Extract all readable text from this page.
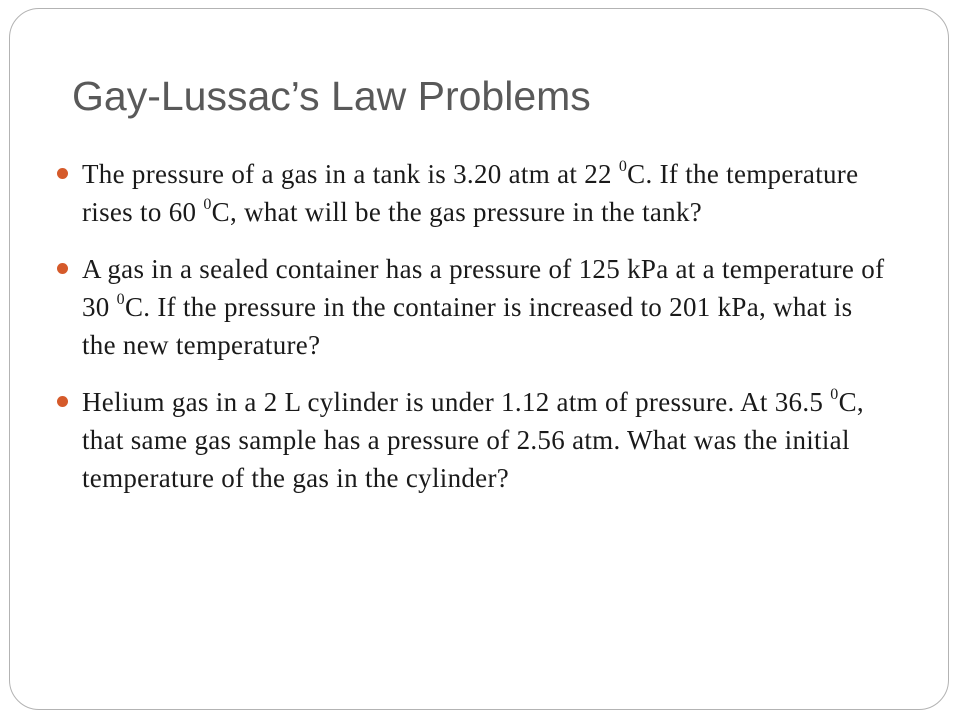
Gay-Lussac’s Law Problems
The pressure of a gas in a tank is 3.20 atm at 22 $^0$C. If the temperature rises to 60 $^0$C, what will be the gas pressure in the tank?
A gas in a sealed container has a pressure of 125 kPa at a temperature of 30 $^0$C. If the pressure in the container is increased to 201 kPa, what is the new temperature?
Helium gas in a 2 L cylinder is under 1.12 atm of pressure. At 36.5 $^0$C, that same gas sample has a pressure of 2.56 atm. What was the initial temperature of the gas in the cylinder?
